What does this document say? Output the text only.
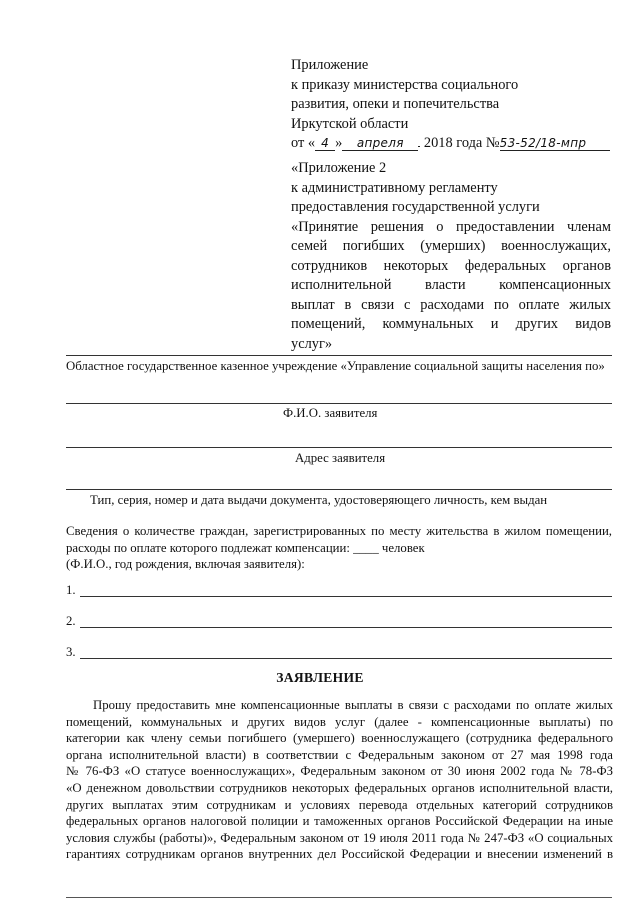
Приложение
к приказу министерства социального
развития, опеки и попечительства
Иркутской области
от « 4 » апреля 2018 года №53-52/18-мпр
«Приложение 2
к административному регламенту
предоставления государственной услуги
«Принятие решения о предоставлении членам
семей погибших (умерших) военнослужащих,
сотрудников некоторых федеральных органов
исполнительной власти компенсационных
выплат в связи с расходами по оплате жилых
помещений, коммунальных и других видов
услуг»
Областное государственное казенное учреждение «Управление социальной защиты населения по»
Ф.И.О. заявителя
Адрес заявителя
Тип, серия, номер и дата выдачи документа, удостоверяющего личность, кем выдан
Сведения о количестве граждан, зарегистрированных по месту жительства в жилом помещении,
расходы по оплате которого подлежат компенсации: ____ человек
(Ф.И.О., год рождения, включая заявителя):
1.
2.
3.
ЗАЯВЛЕНИЕ
Прошу предоставить мне компенсационные выплаты в связи с расходами по оплате жилых
помещений, коммунальных и других видов услуг (далее - компенсационные выплаты) по
категории как члену семьи погибшего (умершего) военнослужащего (сотрудника федерального
органа исполнительной власти) в соответствии с Федеральным законом от 27 мая 1998 года
№ 76-ФЗ «О статусе военнослужащих», Федеральным законом от 30 июня 2002 года № 78-ФЗ
«О денежном довольствии сотрудников некоторых федеральных органов исполнительной власти,
других выплатах этим сотрудникам и условиях перевода отдельных категорий сотрудников
федеральных органов налоговой полиции и таможенных органов Российской Федерации на иные
условия службы (работы)», Федеральным законом от 19 июля 2011 года № 247-ФЗ «О социальных
гарантиях сотрудникам органов внутренних дел Российской Федерации и внесении изменений в
